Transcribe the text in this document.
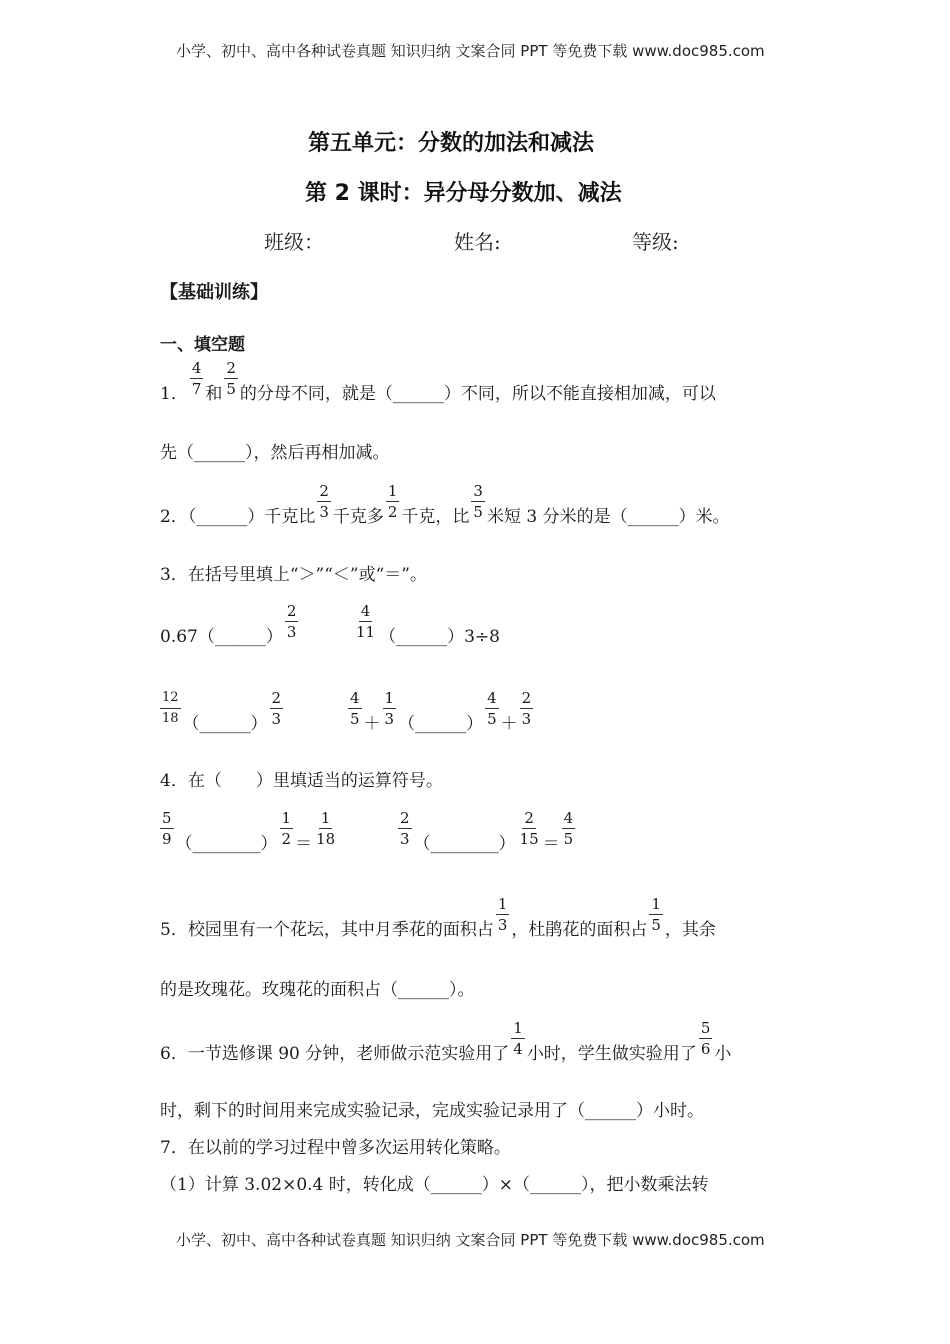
小学、初中、高中各种试卷真题 知识归纳 文案合同 PPT 等免费下载 www.doc985.com
第五单元：分数的加法和减法
第 2 课时：异分母分数加、减法
班级：	姓名:	等级:
【基础训练】
一、填空题
1． $\frac{4}{7}$ 和 $\frac{2}{5}$ 的分母不同，就是（______）不同，所以不能直接相加减，可以
先（______），然后再相加减。
2．（______）千克比 $\frac{2}{3}$ 千克多 $\frac{1}{2}$ 千克，比 $\frac{3}{5}$ 米短 3 分米的是（______）米。
3．在括号里填上“＞”“＜”或“＝”。
0.67（______） $\frac{2}{3}$	$\frac{4}{11}$ （______）3÷8
$\frac{12}{18}$ （______） $\frac{2}{3}$	$\frac{4}{5} + \frac{1}{3}$ （______） $\frac{4}{5} + \frac{2}{3}$
4．在（　　）里填适当的运算符号。
$\frac{5}{9}$ （________） $\frac{1}{2} = \frac{1}{18}$	$\frac{2}{3}$ （________） $\frac{2}{15} = \frac{4}{5}$
5．校园里有一个花坛，其中月季花的面积占 $\frac{1}{3}$ ，杜鹃花的面积占 $\frac{1}{5}$ ，其余
的是玫瑰花。玫瑰花的面积占（______）。
6．一节选修课 90 分钟，老师做示范实验用了 $\frac{1}{4}$ 小时，学生做实验用了 $\frac{5}{6}$ 小
时，剩下的时间用来完成实验记录，完成实验记录用了（______）小时。
7．在以前的学习过程中曾多次运用转化策略。
（1）计算 3.02×0.4 时，转化成（______）×（______），把小数乘法转
小学、初中、高中各种试卷真题 知识归纳 文案合同 PPT 等免费下载 www.doc985.com
